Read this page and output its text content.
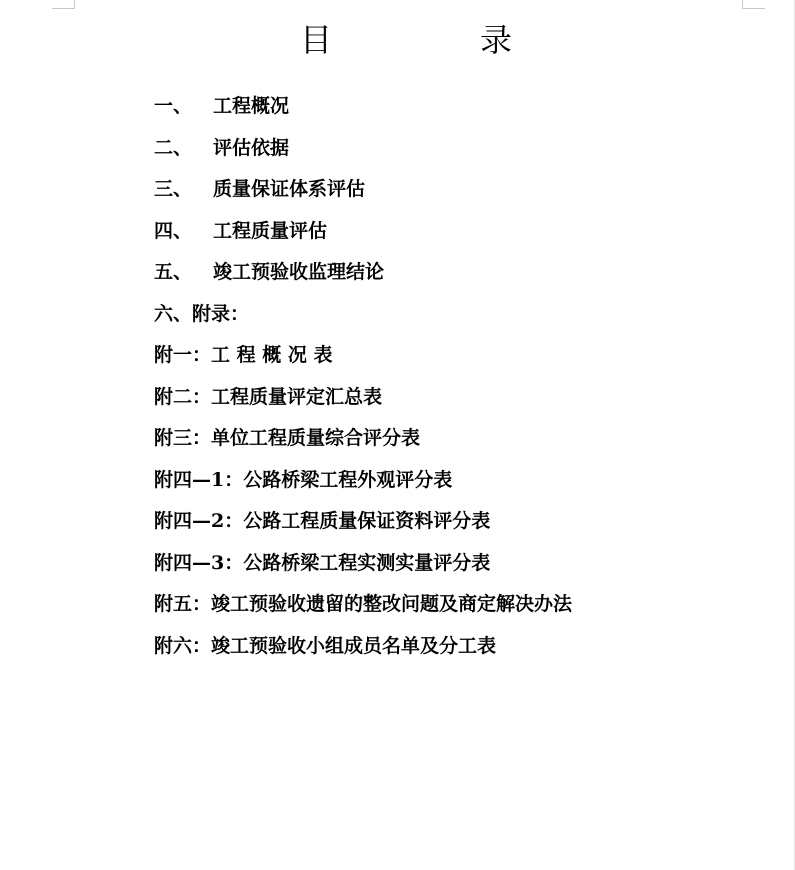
目	录
一、	工程概况
二、	评估依据
三、	质量保证体系评估
四、	工程质量评估
五、	竣工预验收监理结论
六、附录：
附一： 工 程 概 况 表
附二： 工程质量评定汇总表
附三： 单位工程质量综合评分表
附四—1： 公路桥梁工程外观评分表
附四—2： 公路工程质量保证资料评分表
附四—3： 公路桥梁工程实测实量评分表
附五： 竣工预验收遗留的整改问题及商定解决办法
附六： 竣工预验收小组成员名单及分工表
